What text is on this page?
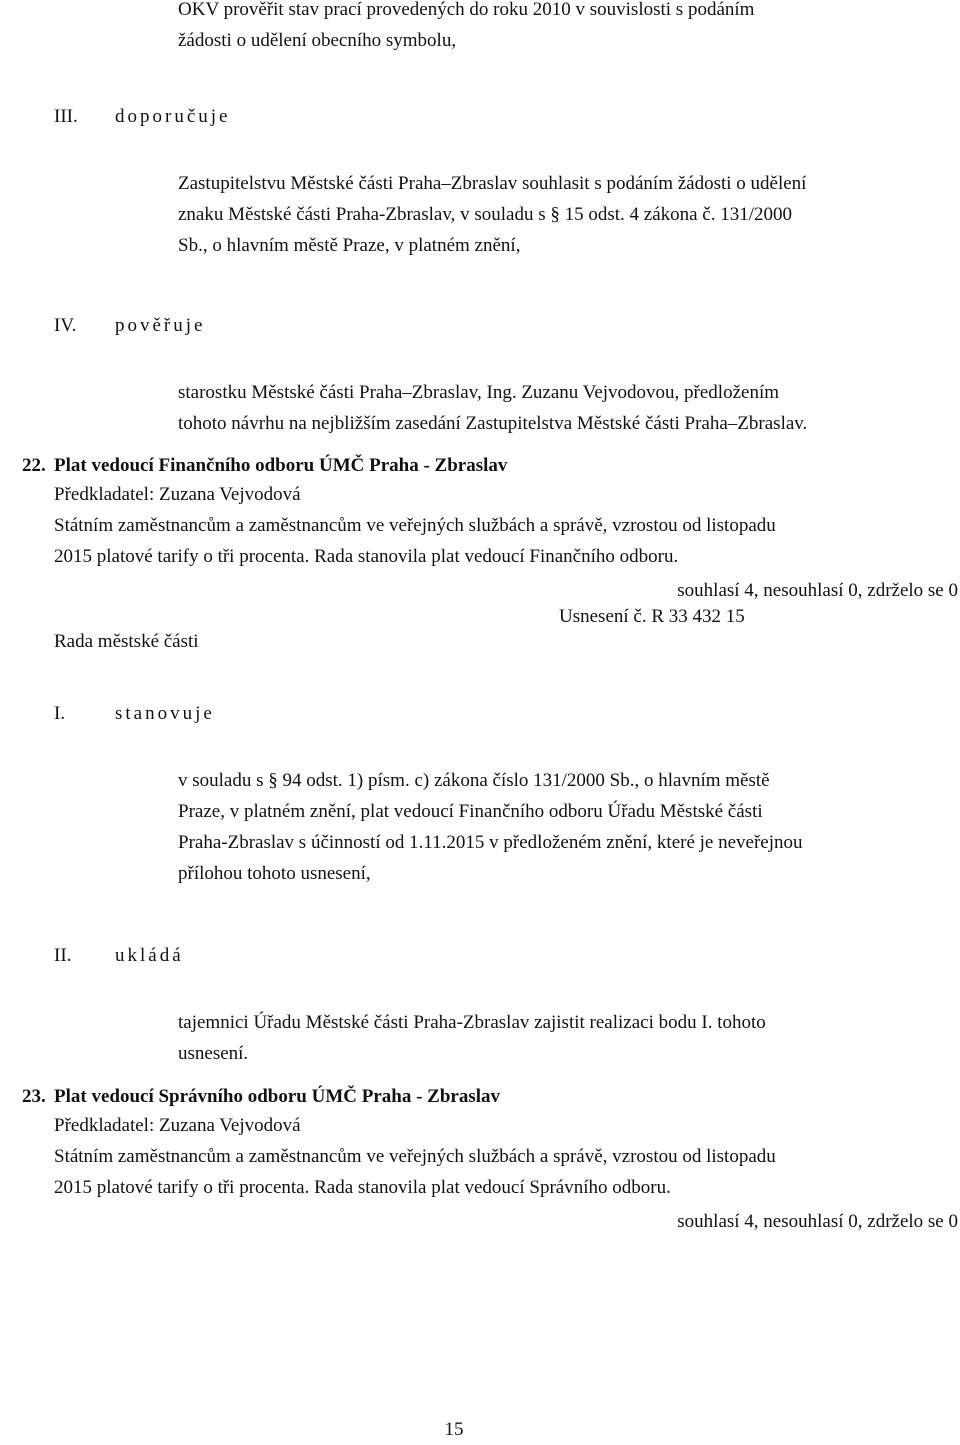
OKV prověřit stav prací provedených do roku 2010 v souvislosti s podáním
žádosti o udělení obecního symbolu,
III. doporučuje
Zastupitelstvu Městské části Praha–Zbraslav souhlasit s podáním žádosti o udělení
znaku Městské části Praha-Zbraslav, v souladu s § 15 odst. 4 zákona č. 131/2000
Sb., o hlavním městě Praze, v platném znění,
IV. pověřuje
starostku Městské části Praha–Zbraslav, Ing. Zuzanu Vejvodovou, předložením
tohoto návrhu na nejbližším zasedání Zastupitelstva Městské části Praha–Zbraslav.
22. Plat vedoucí Finančního odboru ÚMČ Praha - Zbraslav
Předkladatel: Zuzana Vejvodová
Státním zaměstnancům a zaměstnancům ve veřejných službách a správě, vzrostou od listopadu
2015 platové tarify o tři procenta. Rada stanovila plat vedoucí Finančního odboru.
souhlasí 4, nesouhlasí 0, zdrželo se 0
Usnesení č. R 33 432 15
Rada městské části
I.	stanovuje
v souladu s § 94 odst. 1) písm. c) zákona číslo 131/2000 Sb., o hlavním městě
Praze, v platném znění, plat vedoucí Finančního odboru Úřadu Městské části
Praha-Zbraslav s účinností od 1.11.2015 v předloženém znění, které je neveřejnou
přílohou tohoto usnesení,
II. ukládá
tajemnici Úřadu Městské části Praha-Zbraslav zajistit realizaci bodu I. tohoto
usnesení.
23. Plat vedoucí Správního odboru ÚMČ Praha - Zbraslav
Předkladatel: Zuzana Vejvodová
Státním zaměstnancům a zaměstnancům ve veřejných službách a správě, vzrostou od listopadu
2015 platové tarify o tři procenta. Rada stanovila plat vedoucí Správního odboru.
souhlasí 4, nesouhlasí 0, zdrželo se 0
15
